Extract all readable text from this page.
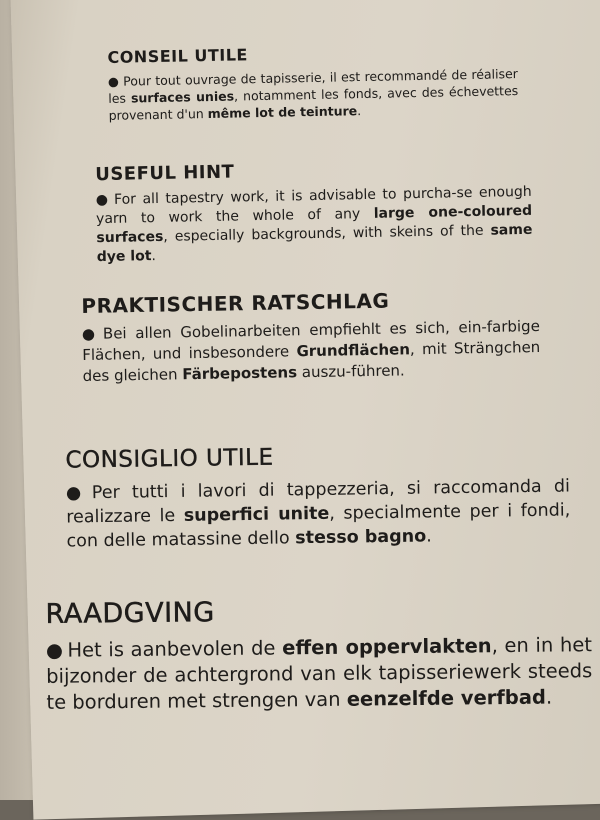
CONSEIL UTILE

● Pour tout ouvrage de tapisserie, il est recommandé de réaliser les surfaces unies, notamment les fonds, avec des échevettes provenant d'un même lot de teinture.

USEFUL HINT

● For all tapestry work, it is advisable to purcha-se enough yarn to work the whole of any large one-coloured surfaces, especially backgrounds, with skeins of the same dye lot.

PRAKTISCHER RATSCHLAG

● Bei allen Gobelinarbeiten empfiehlt es sich, ein-farbige Flächen, und insbesondere Grundflächen, mit Strängchen des gleichen Färbepostens auszu-führen.

CONSIGLIO UTILE

● Per tutti i lavori di tappezzeria, si raccomanda di realizzare le superfici unite, specialmente per i fondi, con delle matassine dello stesso bagno.

RAADGVING

● Het is aanbevolen de effen oppervlakten, en in het bijzonder de achtergrond van elk tapisseriewerk steeds te borduren met strengen van eenzelfde verfbad.
